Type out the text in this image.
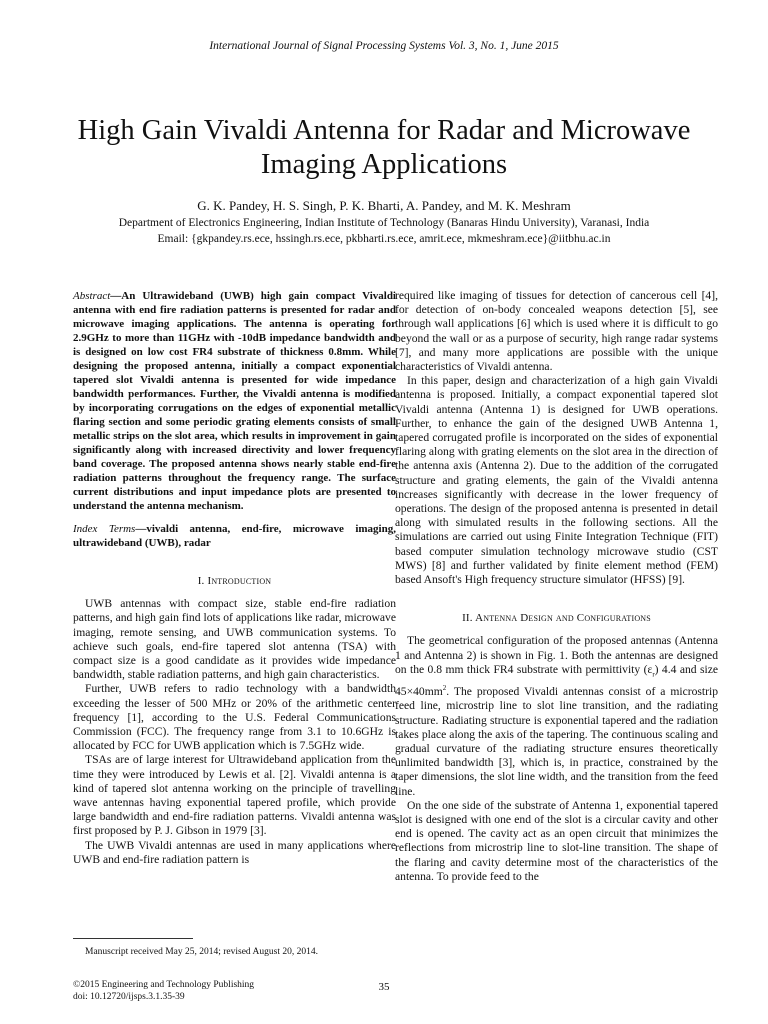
International Journal of Signal Processing Systems Vol. 3, No. 1, June 2015
High Gain Vivaldi Antenna for Radar and Microwave Imaging Applications
G. K. Pandey, H. S. Singh, P. K. Bharti, A. Pandey, and M. K. Meshram
Department of Electronics Engineering, Indian Institute of Technology (Banaras Hindu University), Varanasi, India
Email: {gkpandey.rs.ece, hssingh.rs.ece, pkbharti.rs.ece, amrit.ece, mkmeshram.ece}@iitbhu.ac.in

Abstract—An Ultrawideband (UWB) high gain compact Vivaldi antenna with end fire radiation patterns is presented for radar and microwave imaging applications. The antenna is operating for 2.9GHz to more than 11GHz with -10dB impedance bandwidth and is designed on low cost FR4 substrate of thickness 0.8mm. While designing the proposed antenna, initially a compact exponential tapered slot Vivaldi antenna is presented for wide impedance bandwidth performances. Further, the Vivaldi antenna is modified by incorporating corrugations on the edges of exponential metallic flaring section and some periodic grating elements consists of small metallic strips on the slot area, which results in improvement in gain significantly along with increased directivity and lower frequency band coverage. The proposed antenna shows nearly stable end-fire radiation patterns throughout the frequency range. The surface current distributions and input impedance plots are presented to understand the antenna mechanism.

Index Terms—vivaldi antenna, end-fire, microwave imaging, ultrawideband (UWB), radar

I. Introduction

UWB antennas with compact size, stable end-fire radiation patterns, and high gain find lots of applications like radar, microwave imaging, remote sensing, and UWB communication systems. To achieve such goals, end-fire tapered slot antenna (TSA) with compact size is a good candidate as it provides wide impedance bandwidth, stable radiation patterns, and high gain characteristics.

Further, UWB refers to radio technology with a bandwidth exceeding the lesser of 500 MHz or 20% of the arithmetic center frequency [1], according to the U.S. Federal Communications Commission (FCC). The frequency range from 3.1 to 10.6GHz is allocated by FCC for UWB application which is 7.5GHz wide.

TSAs are of large interest for Ultrawideband application from the time they were introduced by Lewis et al. [2]. Vivaldi antenna is a kind of tapered slot antenna working on the principle of travelling wave antennas having exponential tapered profile, which provide large bandwidth and end-fire radiation patterns. Vivaldi antenna was first proposed by P. J. Gibson in 1979 [3].

The UWB Vivaldi antennas are used in many applications where UWB and end-fire radiation pattern is

required like imaging of tissues for detection of cancerous cell [4], for detection of on-body concealed weapons detection [5], see through wall applications [6] which is used where it is difficult to go beyond the wall or as a purpose of security, high range radar systems [7], and many more applications are possible with the unique characteristics of Vivaldi antenna.

In this paper, design and characterization of a high gain Vivaldi antenna is proposed. Initially, a compact exponential tapered slot Vivaldi antenna (Antenna 1) is designed for UWB operations. Further, to enhance the gain of the designed UWB Antenna 1, tapered corrugated profile is incorporated on the sides of exponential flaring along with grating elements on the slot area in the direction of the antenna axis (Antenna 2). Due to the addition of the corrugated structure and grating elements, the gain of the Vivaldi antenna increases significantly with decrease in the lower frequency of operations. The design of the proposed antenna is presented in detail along with simulated results in the following sections. All the simulations are carried out using Finite Integration Technique (FIT) based computer simulation technology microwave studio (CST MWS) [8] and further validated by finite element method (FEM) based Ansoft's High frequency structure simulator (HFSS) [9].

II. Antenna Design and Configurations

The geometrical configuration of the proposed antennas (Antenna 1 and Antenna 2) is shown in Fig. 1. Both the antennas are designed on the 0.8 mm thick FR4 substrate with permittivity $(\varepsilon_r)$ 4.4 and size $45\times 40mm^2$. The proposed Vivaldi antennas consist of a microstrip feed line, microstrip line to slot line transition, and the radiating structure. Radiating structure is exponential tapered and the radiation takes place along the axis of the tapering. The continuous scaling and gradual curvature of the radiating structure ensures theoretically unlimited bandwidth [3], which is, in practice, constrained by the taper dimensions, the slot line width, and the transition from the feed line.

On the one side of the substrate of Antenna 1, exponential tapered slot is designed with one end of the slot is a circular cavity and other end is opened. The cavity act as an open circuit that minimizes the reflections from microstrip line to slot-line transition. The shape of the flaring and cavity determine most of the characteristics of the antenna. To provide feed to the

Manuscript received May 25, 2014; revised August 20, 2014.
©2015 Engineering and Technology Publishing
doi: 10.12720/ijsps.3.1.35-39
35
